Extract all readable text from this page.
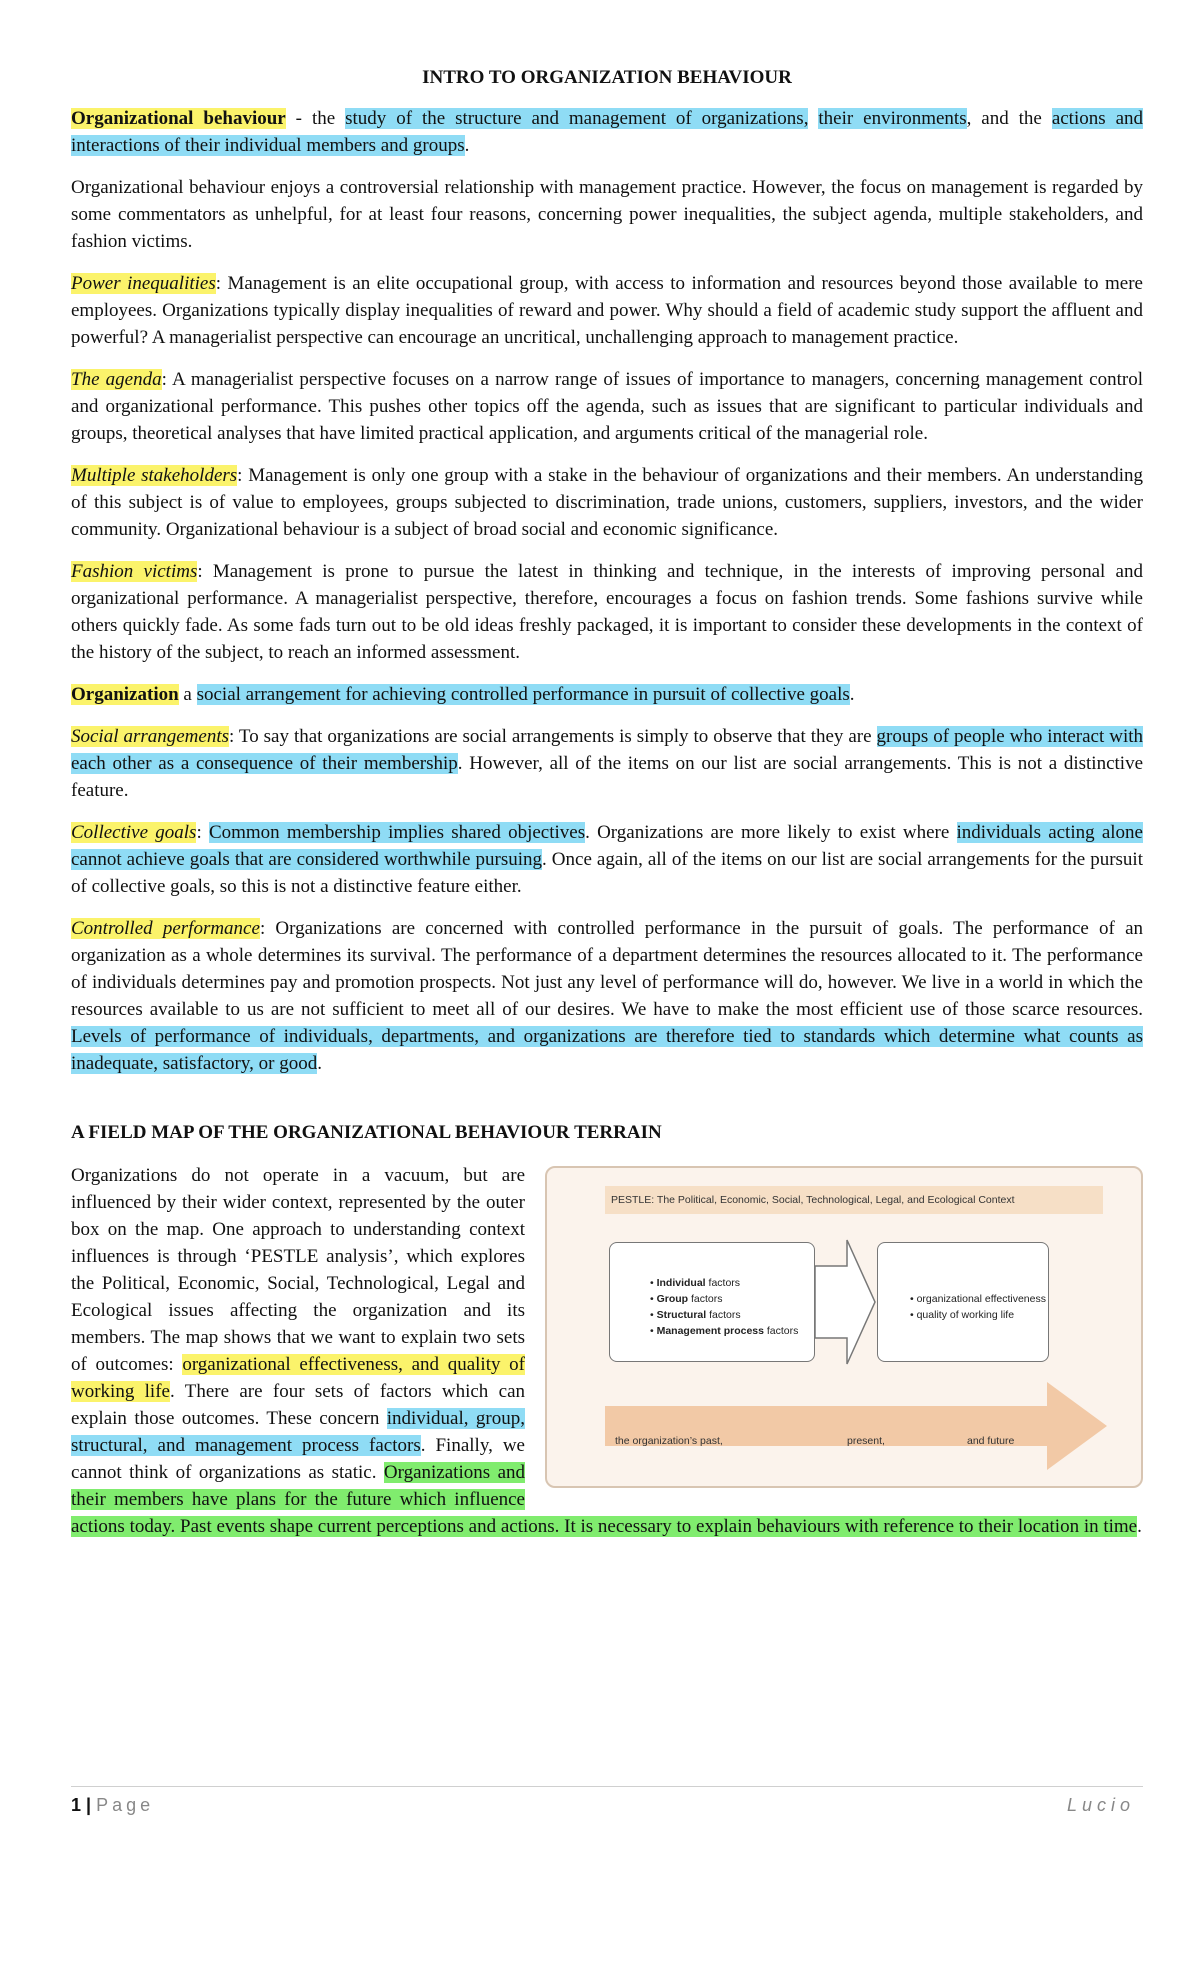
INTRO TO ORGANIZATION BEHAVIOUR

Organizational behaviour - the study of the structure and management of organizations, their environments, and the actions and interactions of their individual members and groups.

Organizational behaviour enjoys a controversial relationship with management practice. However, the focus on management is regarded by some commentators as unhelpful, for at least four reasons, concerning power inequalities, the subject agenda, multiple stakeholders, and fashion victims.

Power inequalities: Management is an elite occupational group, with access to information and resources beyond those available to mere employees. Organizations typically display inequalities of reward and power. Why should a field of academic study support the affluent and powerful? A managerialist perspective can encourage an uncritical, unchallenging approach to management practice.

The agenda: A managerialist perspective focuses on a narrow range of issues of importance to managers, concerning management control and organizational performance. This pushes other topics off the agenda, such as issues that are significant to particular individuals and groups, theoretical analyses that have limited practical application, and arguments critical of the managerial role.

Multiple stakeholders: Management is only one group with a stake in the behaviour of organizations and their members. An understanding of this subject is of value to employees, groups subjected to discrimination, trade unions, customers, suppliers, investors, and the wider community. Organizational behaviour is a subject of broad social and economic significance.

Fashion victims: Management is prone to pursue the latest in thinking and technique, in the interests of improving personal and organizational performance. A managerialist perspective, therefore, encourages a focus on fashion trends. Some fashions survive while others quickly fade. As some fads turn out to be old ideas freshly packaged, it is important to consider these developments in the context of the history of the subject, to reach an informed assessment.

Organization a social arrangement for achieving controlled performance in pursuit of collective goals.

Social arrangements: To say that organizations are social arrangements is simply to observe that they are groups of people who interact with each other as a consequence of their membership. However, all of the items on our list are social arrangements. This is not a distinctive feature.

Collective goals: Common membership implies shared objectives. Organizations are more likely to exist where individuals acting alone cannot achieve goals that are considered worthwhile pursuing. Once again, all of the items on our list are social arrangements for the pursuit of collective goals, so this is not a distinctive feature either.

Controlled performance: Organizations are concerned with controlled performance in the pursuit of goals. The performance of an organization as a whole determines its survival. The performance of a department determines the resources allocated to it. The performance of individuals determines pay and promotion prospects. Not just any level of performance will do, however. We live in a world in which the resources available to us are not sufficient to meet all of our desires. We have to make the most efficient use of those scarce resources. Levels of performance of individuals, departments, and organizations are therefore tied to standards which determine what counts as inadequate, satisfactory, or good.

A FIELD MAP OF THE ORGANIZATIONAL BEHAVIOUR TERRAIN
PESTLE: The Political, Economic, Social, Technological, Legal, and Ecological Context
• Individual factors
• Group factors
• Structural factors
• Management process factors
• organizational effectiveness
• quality of working life
the organization’s past,	present,	and future

Organizations do not operate in a vacuum, but are influenced by their wider context, represented by the outer box on the map. One approach to understanding context influences is through ‘PESTLE analysis’, which explores the Political, Economic, Social, Technological, Legal and Ecological issues affecting the organization and its members. The map shows that we want to explain two sets of outcomes: organizational effectiveness, and quality of working life. There are four sets of factors which can explain those outcomes. These concern individual, group, structural, and management process factors. Finally, we cannot think of organizations as static. Organizations and their members have plans for the future which influence actions today. Past events shape current perceptions and actions. It is necessary to explain behaviours with reference to their location in time.

1 | Page	Lucio
